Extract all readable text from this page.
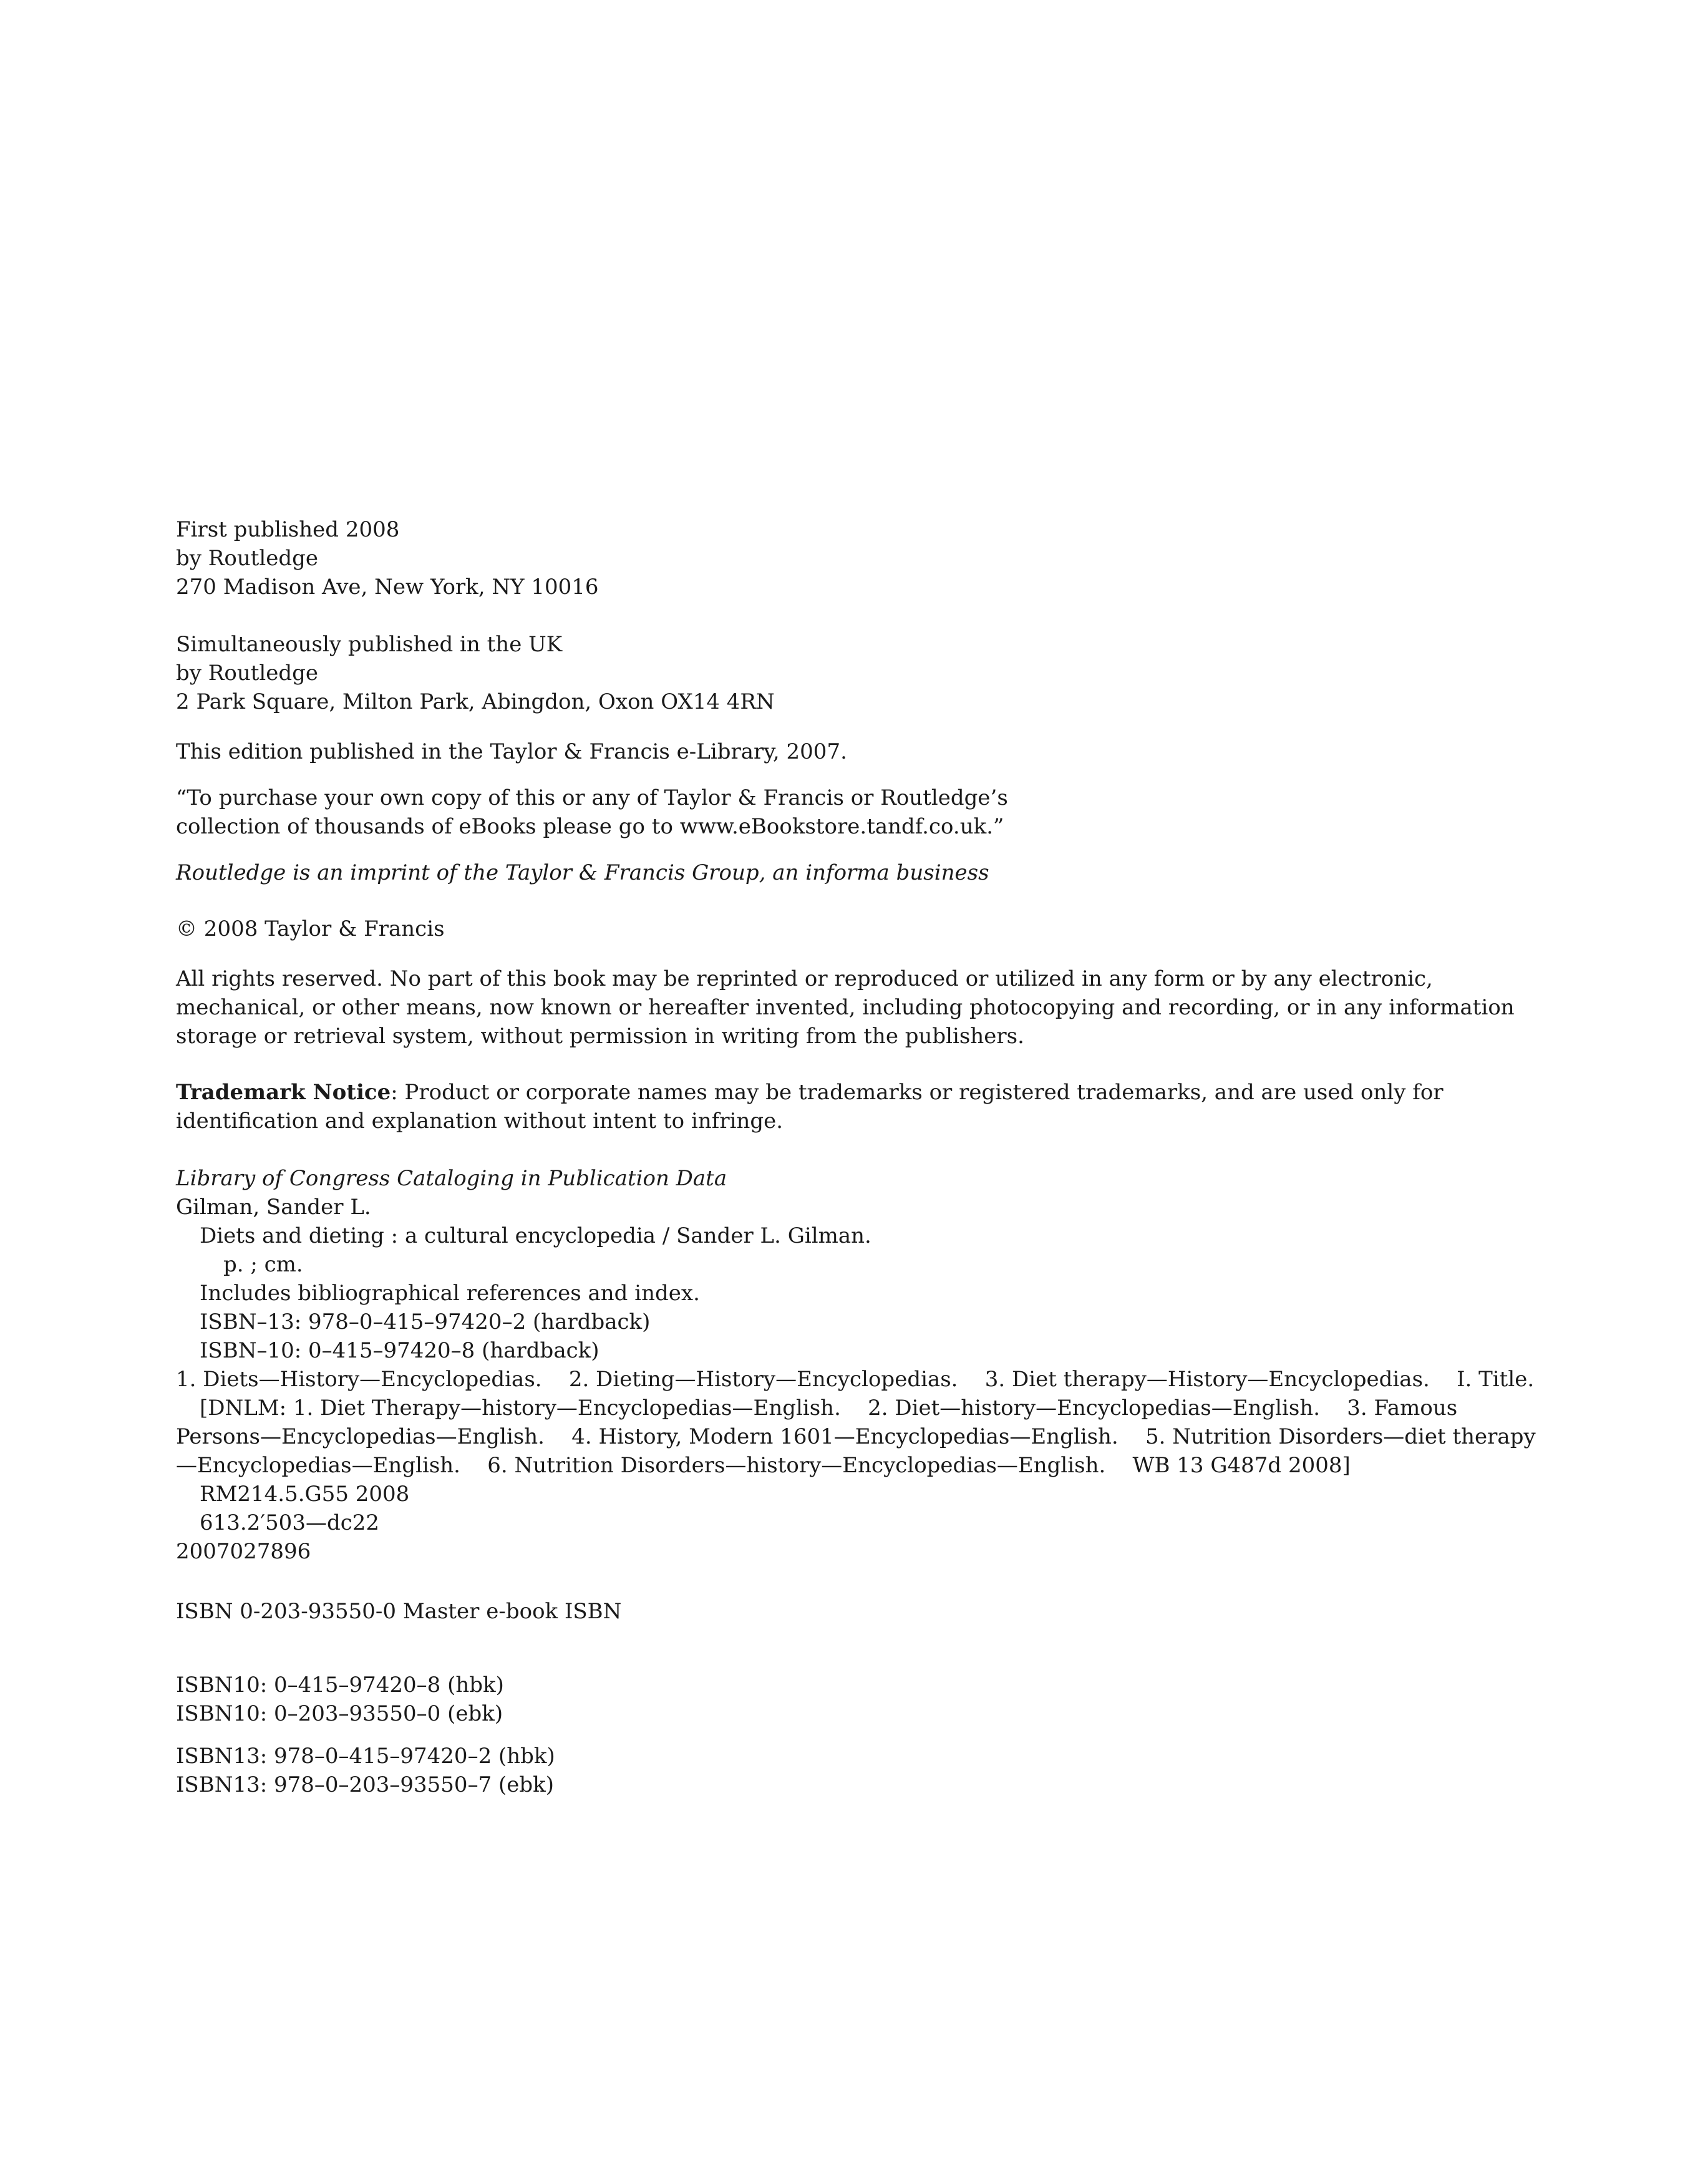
First published 2008
by Routledge
270 Madison Ave, New York, NY 10016
Simultaneously published in the UK
by Routledge
2 Park Square, Milton Park, Abingdon, Oxon OX14 4RN
This edition published in the Taylor & Francis e-Library, 2007.
“To purchase your own copy of this or any of Taylor & Francis or Routledge’s
collection of thousands of eBooks please go to www.eBookstore.tandf.co.uk.”
Routledge is an imprint of the Taylor & Francis Group, an informa business
© 2008 Taylor & Francis
All rights reserved. No part of this book may be reprinted or reproduced or utilized in any form or by any electronic, mechanical, or other means, now known or hereafter invented, including photocopying and recording, or in any information storage or retrieval system, without permission in writing from the publishers.

Trademark Notice: Product or corporate names may be trademarks or registered trademarks, and are used only for identification and explanation without intent to infringe.

Library of Congress Cataloging in Publication Data
Gilman, Sander L.
Diets and dieting : a cultural encyclopedia / Sander L. Gilman.
p. ; cm.
Includes bibliographical references and index.
ISBN–13: 978–0–415–97420–2 (hardback)
ISBN–10: 0–415–97420–8 (hardback)
1. Diets—History—Encyclopedias.    2. Dieting—History—Encyclopedias.    3. Diet therapy—History—Encyclopedias.    I. Title.
[DNLM: 1. Diet Therapy—history—Encyclopedias—English.    2. Diet—history—Encyclopedias—English.    3. Famous Persons—Encyclopedias—English.    4. History, Modern 1601—Encyclopedias—English.    5. Nutrition Disorders—diet therapy—Encyclopedias—English.    6. Nutrition Disorders—history—Encyclopedias—English.    WB 13 G487d 2008]
RM214.5.G55 2008
613.2′503—dc22
2007027896
ISBN 0-203-93550-0 Master e-book ISBN
ISBN10: 0–415–97420–8 (hbk)
ISBN10: 0–203–93550–0 (ebk)
ISBN13: 978–0–415–97420–2 (hbk)
ISBN13: 978–0–203–93550–7 (ebk)
